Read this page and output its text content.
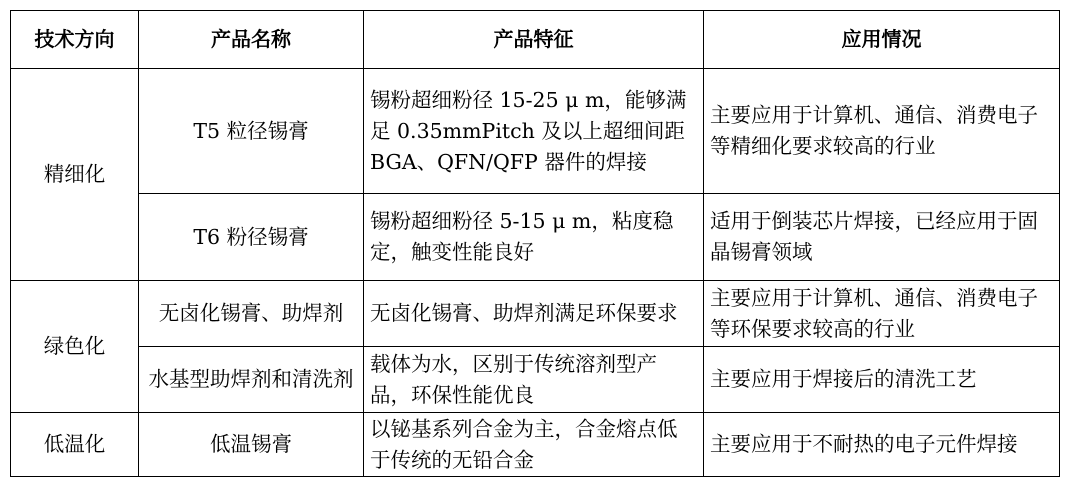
技术方向	产品名称	产品特征	应用情况
精细化	T5 粒径锡膏	锡粉超细粉径 15-25 μ m，能够满足 0.35mmPitch 及以上超细间距 BGA、QFN/QFP 器件的焊接	主要应用于计算机、通信、消费电子等精细化要求较高的行业
	T6 粉径锡膏	锡粉超细粉径 5-15 μ m，粘度稳定，触变性能良好	适用于倒装芯片焊接，已经应用于固晶锡膏领域
绿色化	无卤化锡膏、助焊剂	无卤化锡膏、助焊剂满足环保要求	主要应用于计算机、通信、消费电子等环保要求较高的行业
	水基型助焊剂和清洗剂	载体为水，区别于传统溶剂型产品，环保性能优良	主要应用于焊接后的清洗工艺
低温化	低温锡膏	以铋基系列合金为主，合金熔点低于传统的无铅合金	主要应用于不耐热的电子元件焊接
